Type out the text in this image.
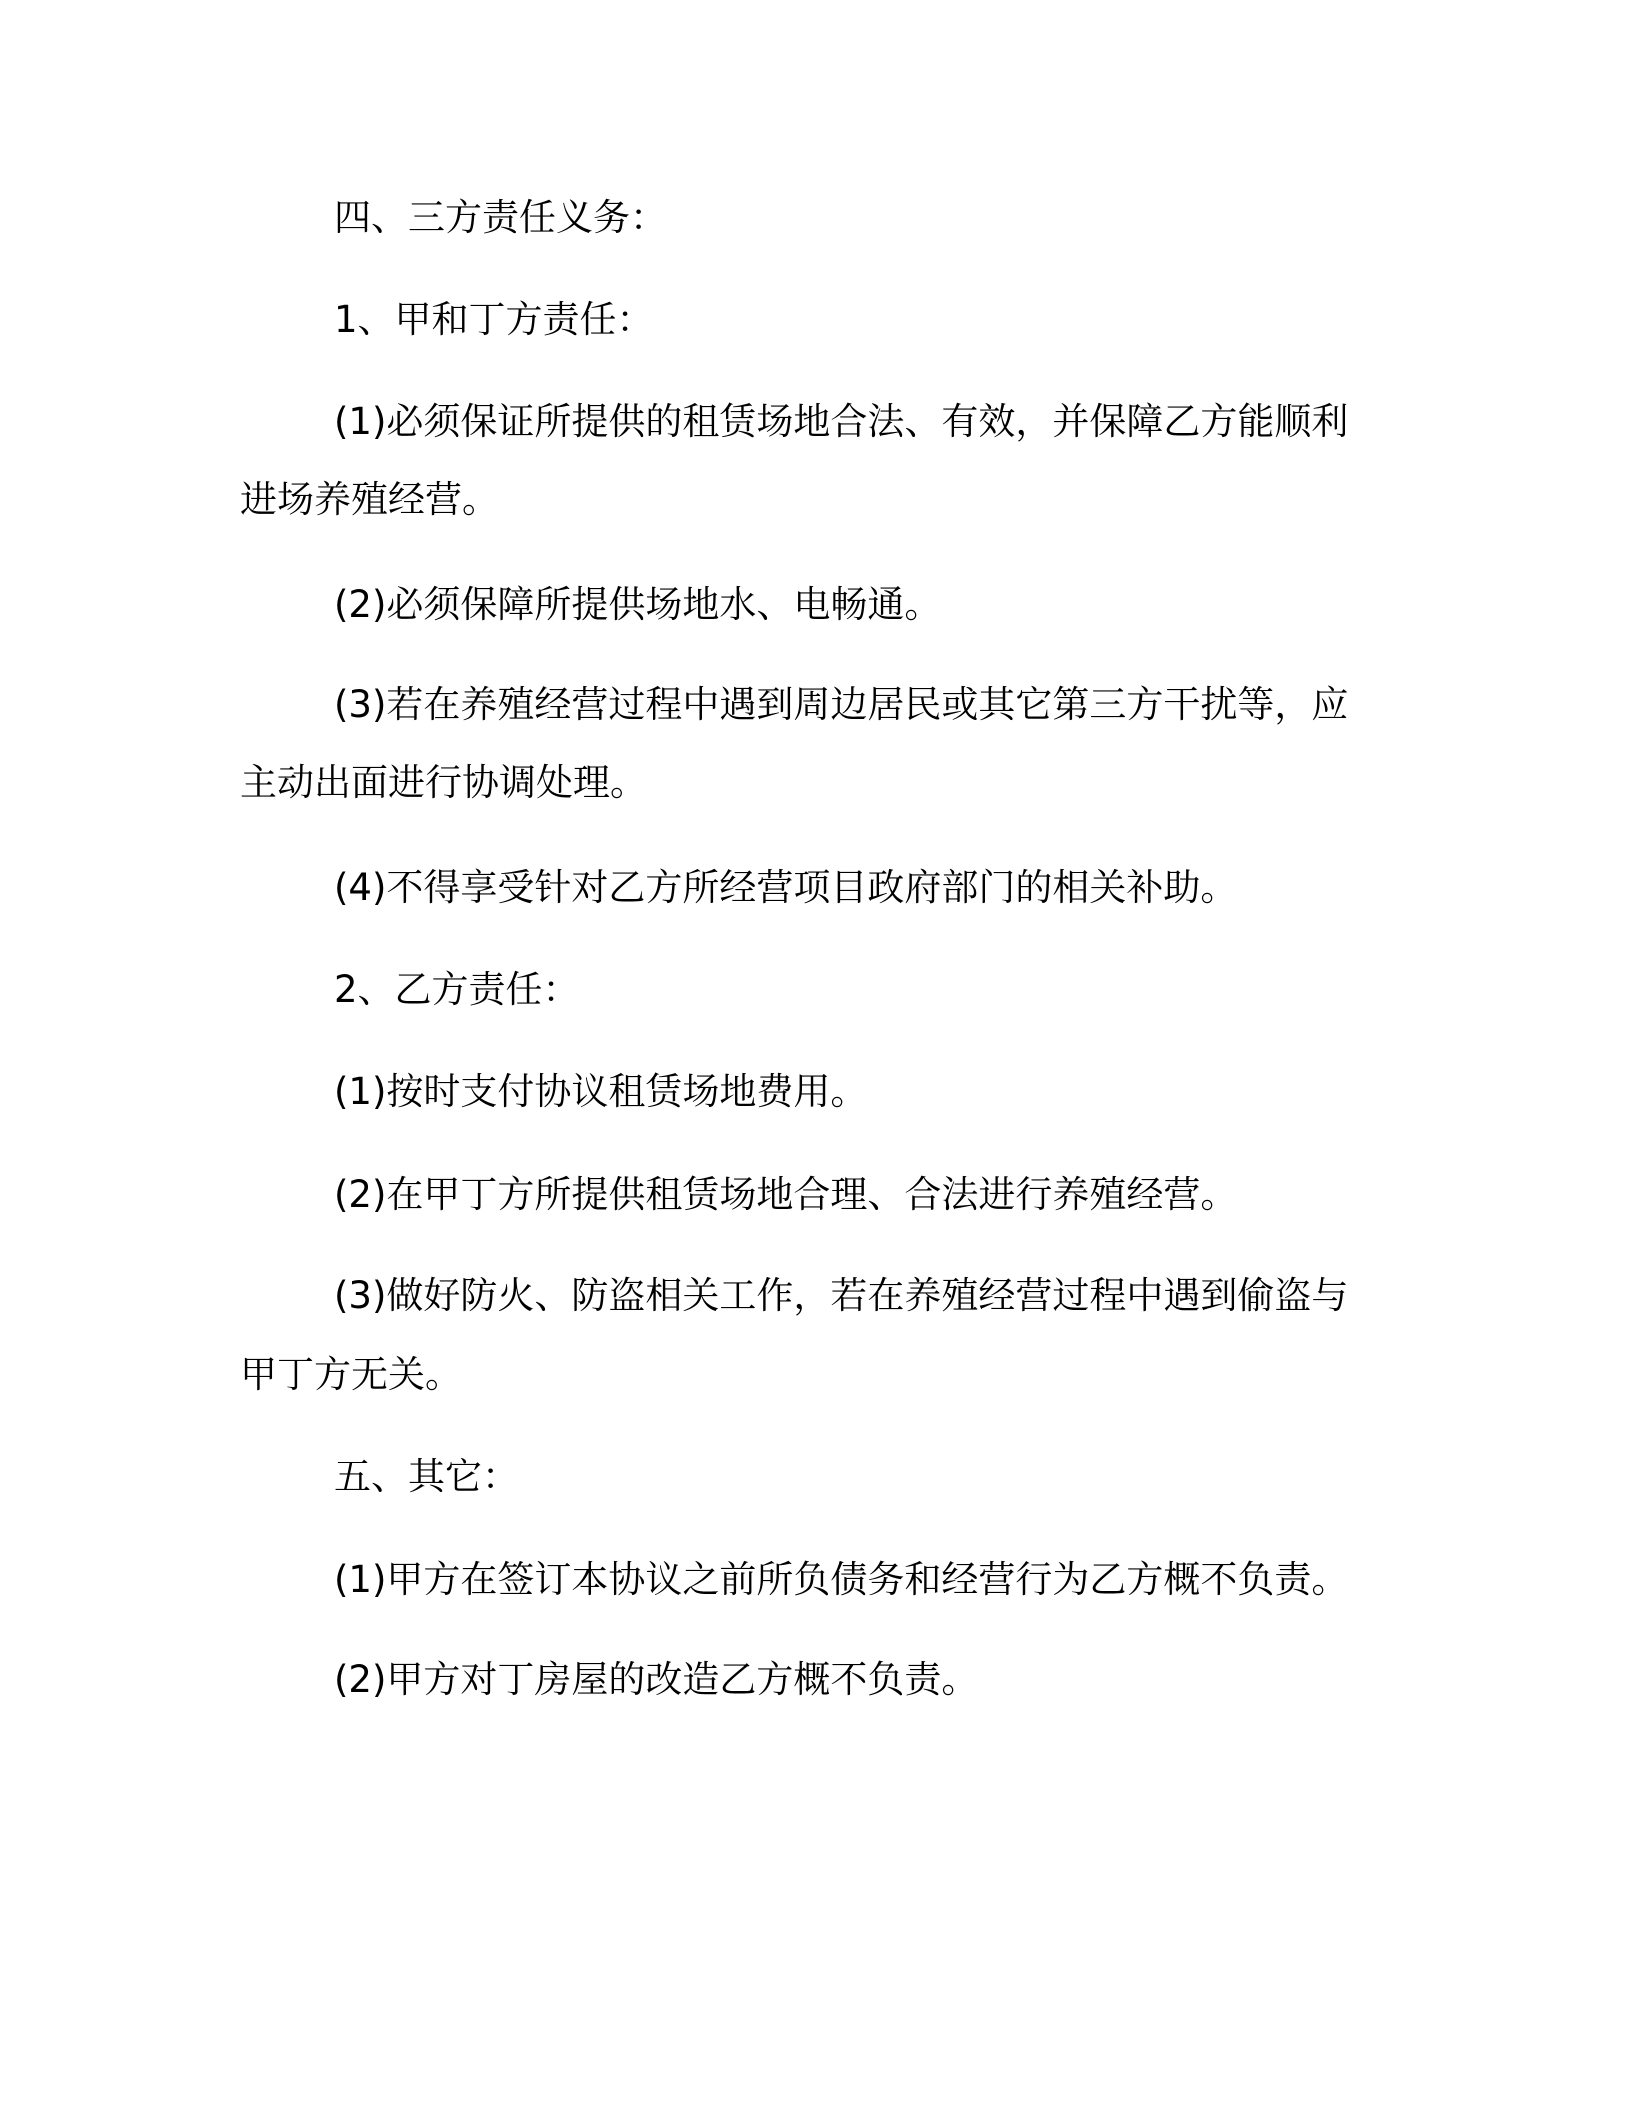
四、三方责任义务：

1、甲和丁方责任：

(1)必须保证所提供的租赁场地合法、有效，并保障乙方能顺利

进场养殖经营。

(2)必须保障所提供场地水、电畅通。

(3)若在养殖经营过程中遇到周边居民或其它第三方干扰等，应

主动出面进行协调处理。

(4)不得享受针对乙方所经营项目政府部门的相关补助。

2、乙方责任：

(1)按时支付协议租赁场地费用。

(2)在甲丁方所提供租赁场地合理、合法进行养殖经营。

(3)做好防火、防盗相关工作，若在养殖经营过程中遇到偷盗与

甲丁方无关。

五、其它：

(1)甲方在签订本协议之前所负债务和经营行为乙方概不负责。

(2)甲方对丁房屋的改造乙方概不负责。
